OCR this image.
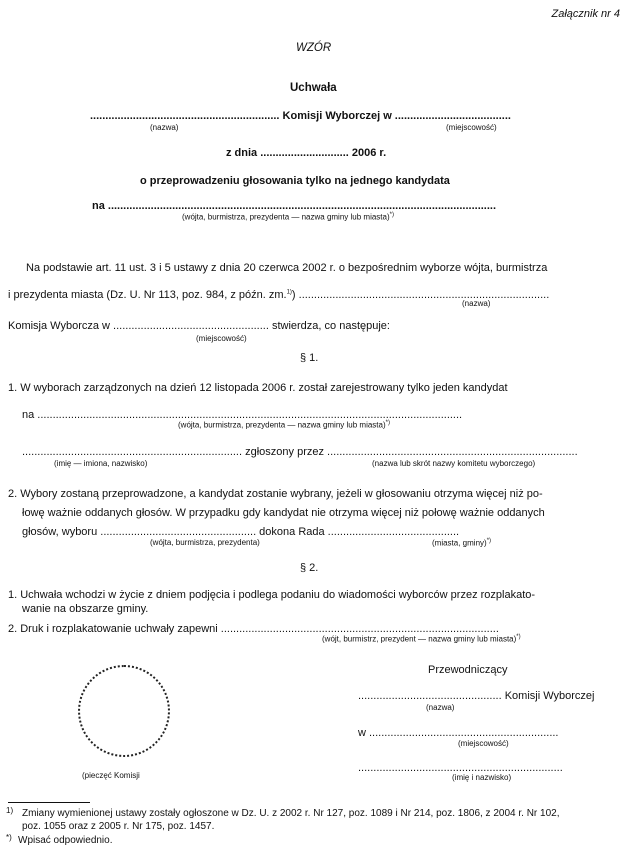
Załącznik nr 4
WZÓR
Uchwała
.............................................................. Komisji Wyborczej w ......................................
(nazwa)	(miejscowość)
z dnia ............................. 2006 r.
o przeprowadzeniu głosowania tylko na jednego kandydata
na ...............................................................................................................................
(wójta, burmistrza, prezydenta — nazwa gminy lub miasta)*)
Na podstawie art. 11 ust. 3 i 5 ustawy z dnia 20 czerwca 2002 r. o bezpośrednim wyborze wójta, burmistrza
i prezydenta miasta (Dz. U. Nr 113, poz. 984, z późn. zm.$^{1)}$) ..................................................................................
(nazwa)
Komisja Wyborcza w ................................................... stwierdza, co następuje:
(miejscowość)
§ 1.
1. W wyborach zarządzonych na dzień 12 listopada 2006 r. został zarejestrowany tylko jeden kandydat
na ...........................................................................................................................................
(wójta, burmistrza, prezydenta — nazwa gminy lub miasta)*)
........................................................................ zgłoszony przez ..................................................................................
(imię — imiona, nazwisko)	(nazwa lub skrót nazwy komitetu wyborczego)
2. Wybory zostaną przeprowadzone, a kandydat zostanie wybrany, jeżeli w głosowaniu otrzyma więcej niż po-
łowę ważnie oddanych głosów. W przypadku gdy kandydat nie otrzyma więcej niż połowę ważnie oddanych
głosów, wyboru ................................................... dokona Rada ...........................................
(wójta, burmistrza, prezydenta)	(miasta, gminy)*)
§ 2.
1. Uchwała wchodzi w życie z dniem podjęcia i podlega podaniu do wiadomości wyborców przez rozplakato-
wanie na obszarze gminy.
2. Druk i rozplakatowanie uchwały zapewni ...........................................................................................
(wójt, burmistrz, prezydent — nazwa gminy lub miasta)*)
(pieczęć Komisji
Przewodniczący
............................................... Komisji Wyborczej
(nazwa)
w ..............................................................
(miejscowość)
...................................................................
(imię i nazwisko)
1) Zmiany wymienionej ustawy zostały ogłoszone w Dz. U. z 2002 r. Nr 127, poz. 1089 i Nr 214, poz. 1806, z 2004 r. Nr 102,
poz. 1055 oraz z 2005 r. Nr 175, poz. 1457.
*) Wpisać odpowiednio.
